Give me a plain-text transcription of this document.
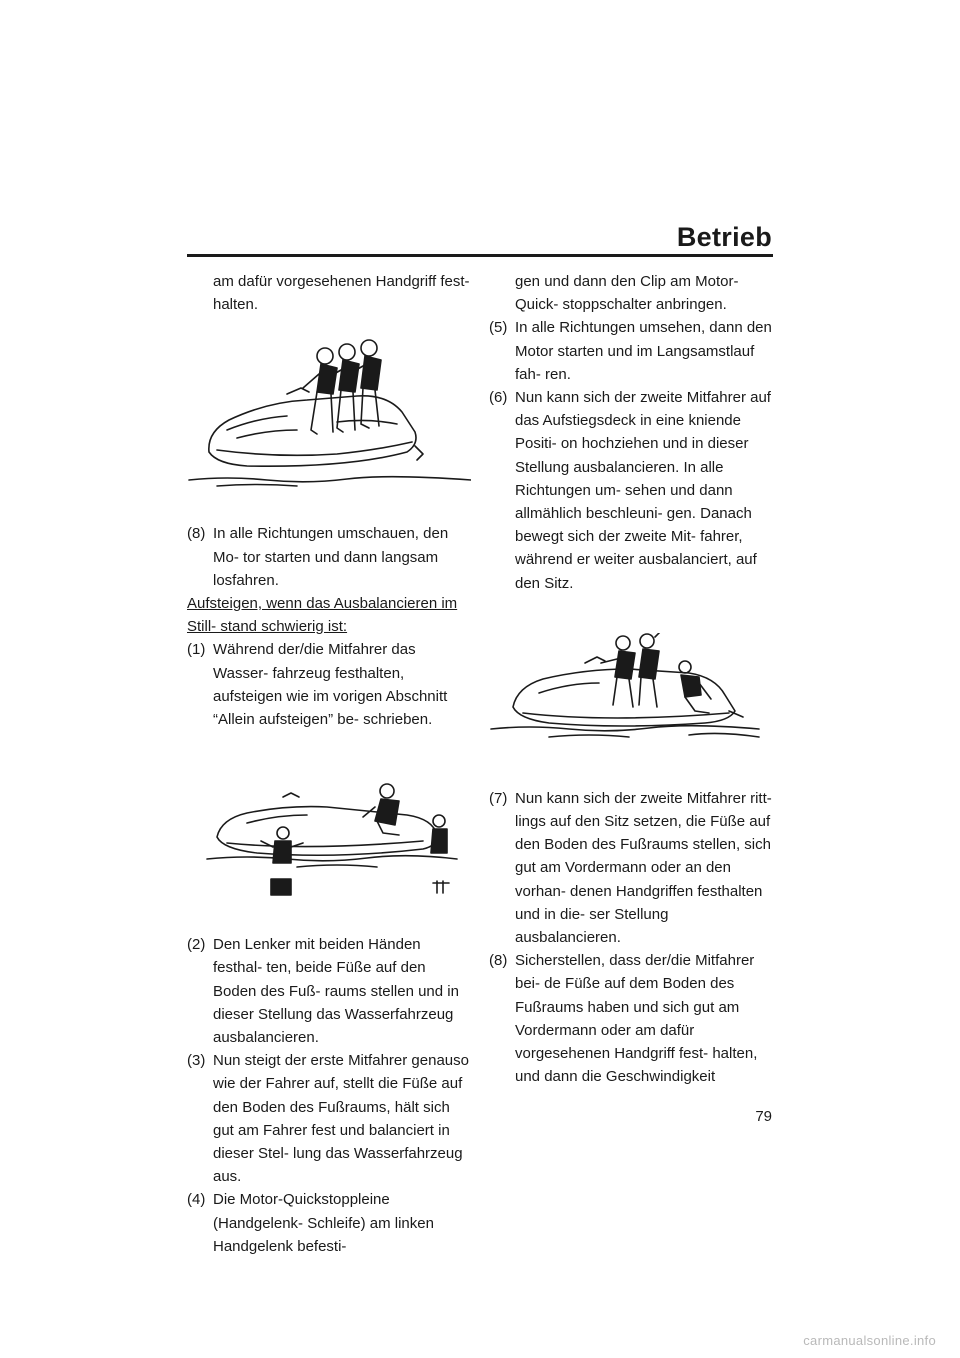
Betrieb

am dafür vorgesehenen Handgriff fest- halten.

(8) In alle Richtungen umschauen, den Mo- tor starten und dann langsam losfahren.

Aufsteigen, wenn das Ausbalancieren im Still- stand schwierig ist:

(1) Während der/die Mitfahrer das Wasser- fahrzeug festhalten, aufsteigen wie im vorigen Abschnitt “Allein aufsteigen” be- schrieben.

(2) Den Lenker mit beiden Händen festhal- ten, beide Füße auf den Boden des Fuß- raums stellen und in dieser Stellung das Wasserfahrzeug ausbalancieren.

(3) Nun steigt der erste Mitfahrer genauso wie der Fahrer auf, stellt die Füße auf den Boden des Fußraums, hält sich gut am Fahrer fest und balanciert in dieser Stel- lung das Wasserfahrzeug aus.

(4) Die Motor-Quickstoppleine (Handgelenk- Schleife) am linken Handgelenk befesti-

gen und dann den Clip am Motor-Quick- stoppschalter anbringen.

(5) In alle Richtungen umsehen, dann den Motor starten und im Langsamstlauf fah- ren.

(6) Nun kann sich der zweite Mitfahrer auf das Aufstiegsdeck in eine kniende Positi- on hochziehen und in dieser Stellung ausbalancieren. In alle Richtungen um- sehen und dann allmählich beschleuni- gen. Danach bewegt sich der zweite Mit- fahrer, während er weiter ausbalanciert, auf den Sitz.

(7) Nun kann sich der zweite Mitfahrer ritt- lings auf den Sitz setzen, die Füße auf den Boden des Fußraums stellen, sich gut am Vordermann oder an den vorhan- denen Handgriffen festhalten und in die- ser Stellung ausbalancieren.

(8) Sicherstellen, dass der/die Mitfahrer bei- de Füße auf dem Boden des Fußraums haben und sich gut am Vordermann oder am dafür vorgesehenen Handgriff fest- halten, und dann die Geschwindigkeit

79
carmanualsonline.info
